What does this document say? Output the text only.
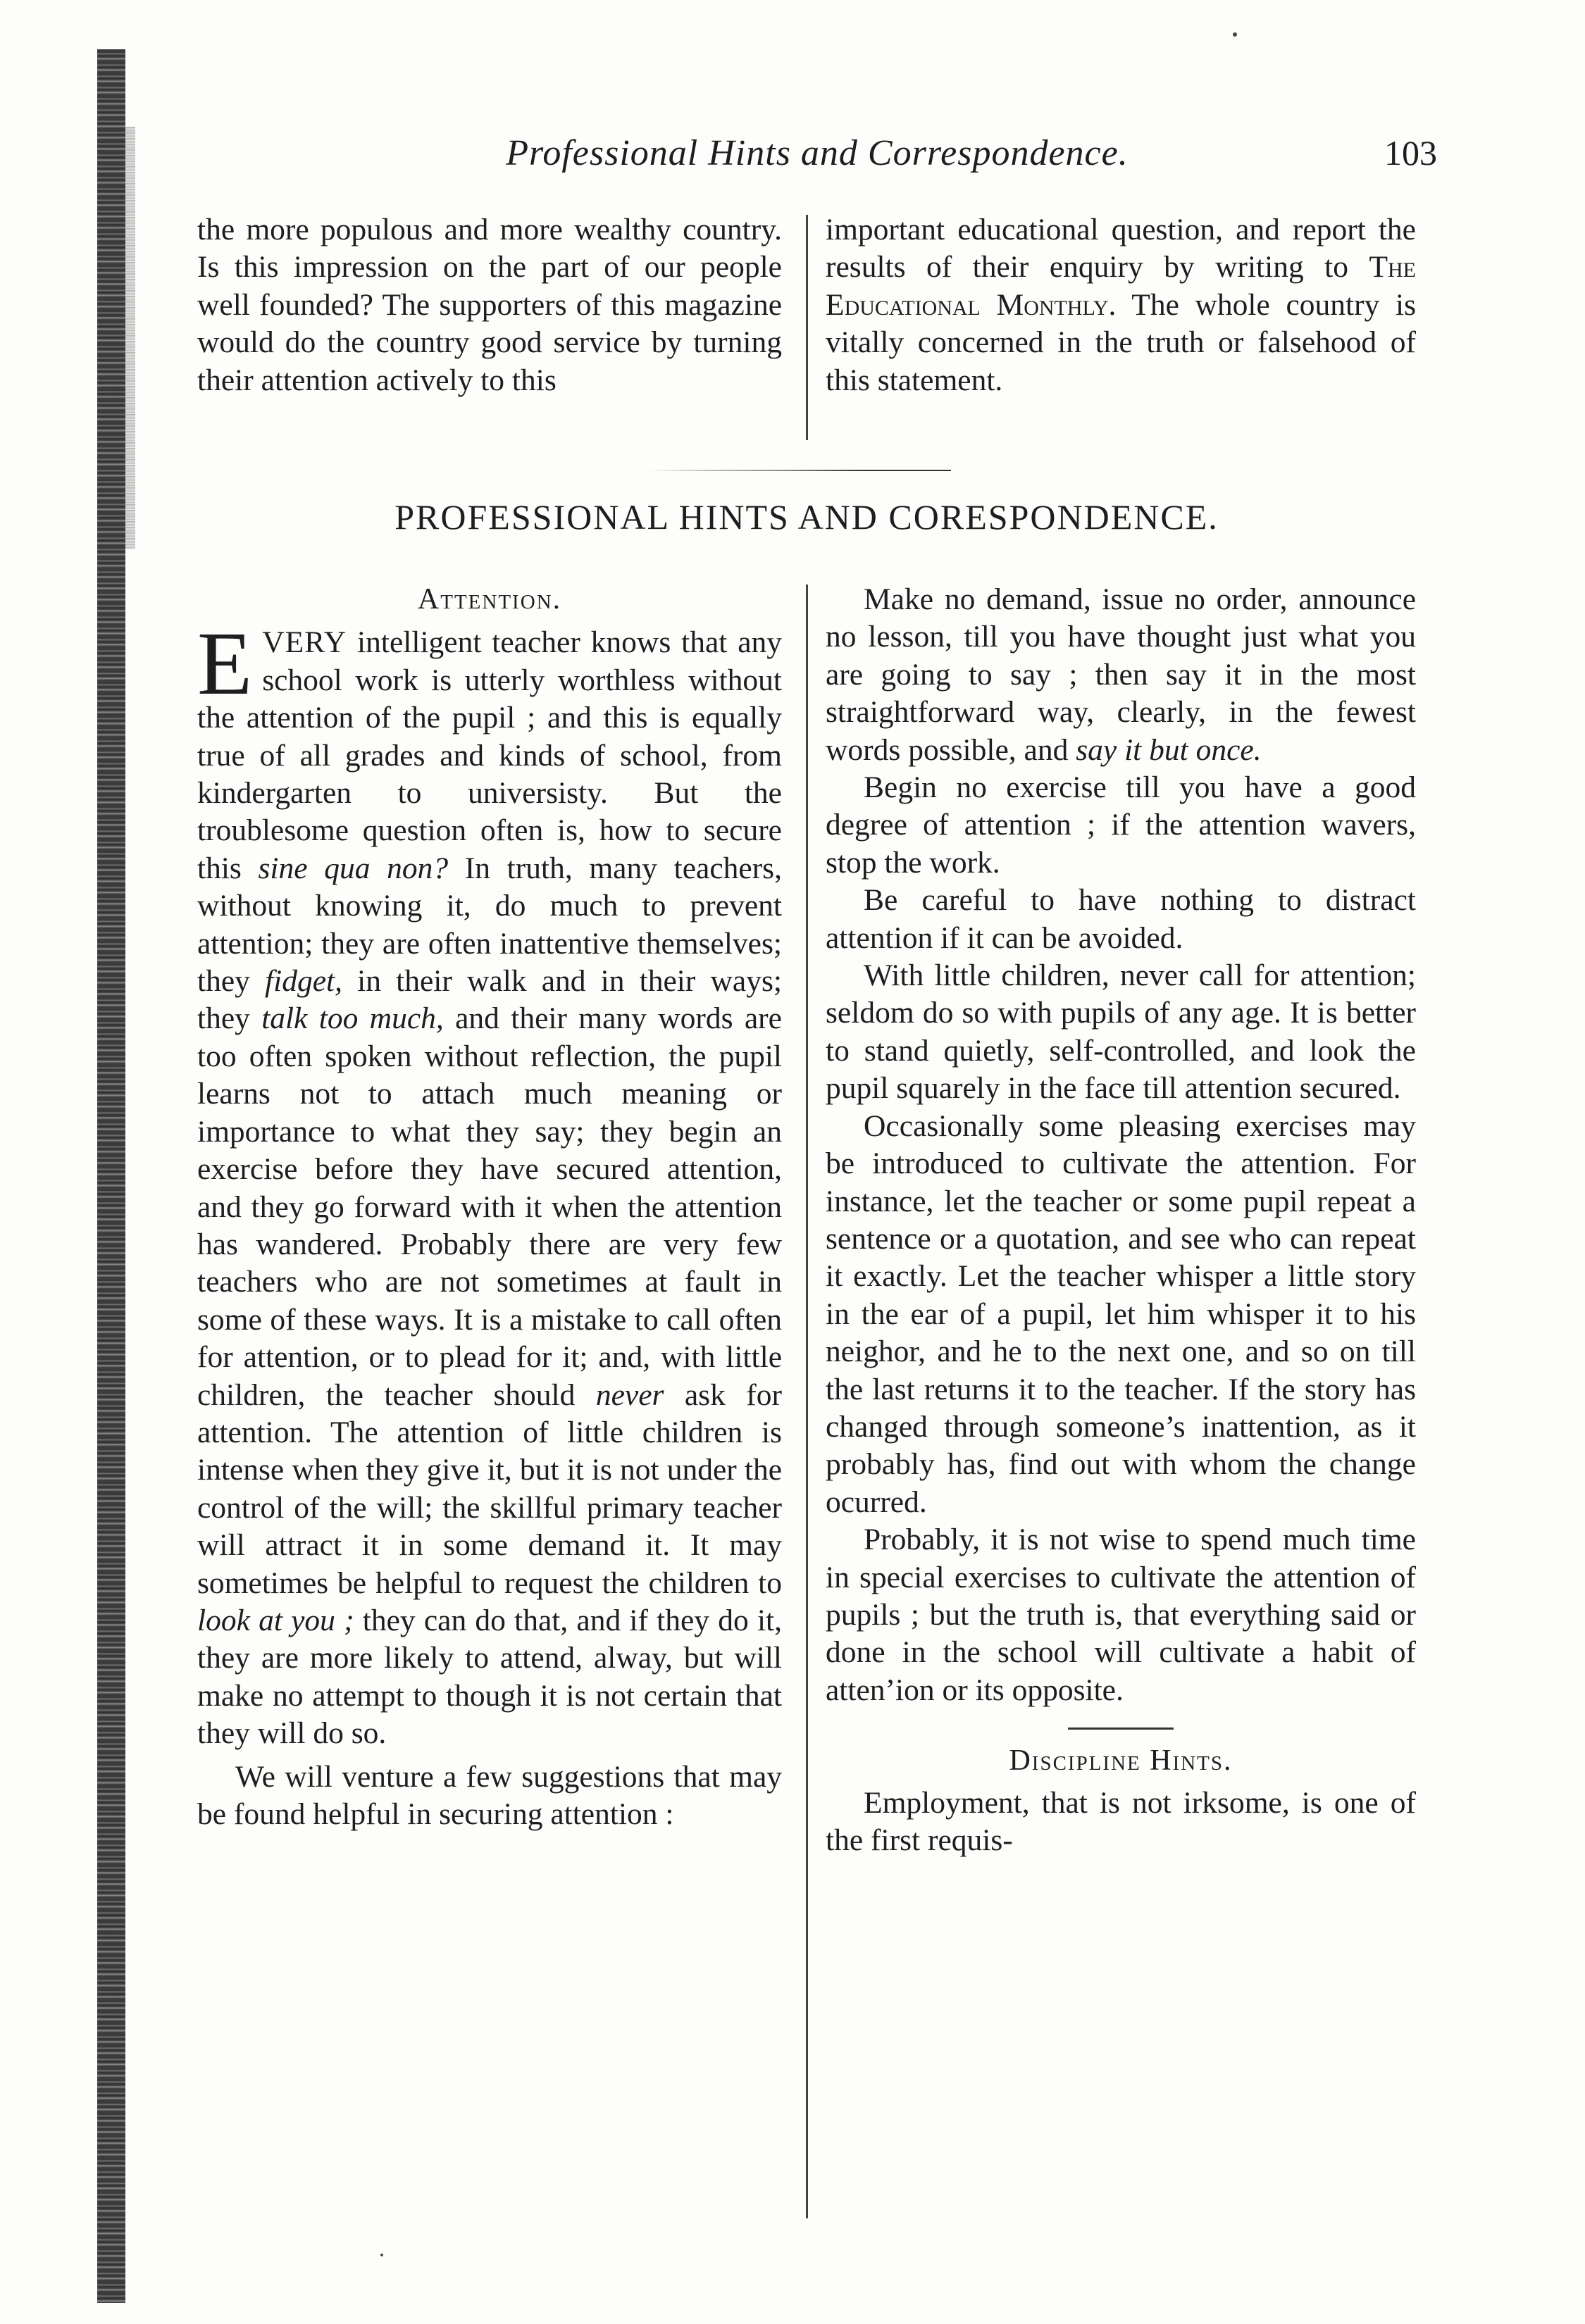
Professional Hints and Correspondence.	103

the more populous and more wealthy country. Is this impression on the part of our people well founded? The supporters of this magazine would do the country good service by turning their attention actively to this

important educational question, and report the results of their enquiry by writing to The Educational Monthly. The whole country is vitally concerned in the truth or falsehood of this statement.

PROFESSIONAL HINTS AND CORESPONDENCE.
Attention.

EVERY intelligent teacher knows that any school work is utterly worthless without the attention of the pupil ; and this is equally true of all grades and kinds of school, from kindergarten to universisty. But the troublesome question often is, how to secure this sine qua non? In truth, many teachers, without knowing it, do much to prevent attention; they are often inattentive themselves; they fidget, in their walk and in their ways; they talk too much, and their many words are too often spoken without reflection, the pupil learns not to attach much meaning or importance to what they say; they begin an exercise before they have secured attention, and they go forward with it when the attention has wandered. Probably there are very few teachers who are not sometimes at fault in some of these ways. It is a mistake to call often for attention, or to plead for it; and, with little children, the teacher should never ask for attention. The attention of little children is intense when they give it, but it is not under the control of the will; the skillful primary teacher will attract it in some demand it. It may sometimes be helpful to request the children to look at you ; they can do that, and if they do it, they are more likely to attend, alway, but will make no attempt to though it is not certain that they will do so.

We will venture a few suggestions that may be found helpful in securing attention :

Make no demand, issue no order, announce no lesson, till you have thought just what you are going to say ; then say it in the most straightforward way, clearly, in the fewest words possible, and say it but once.

Begin no exercise till you have a good degree of attention ; if the attention wavers, stop the work.

Be careful to have nothing to distract attention if it can be avoided.

With little children, never call for attention; seldom do so with pupils of any age. It is better to stand quietly, self-controlled, and look the pupil squarely in the face till attention secured.

Occasionally some pleasing exercises may be introduced to cultivate the attention. For instance, let the teacher or some pupil repeat a sentence or a quotation, and see who can repeat it exactly. Let the teacher whisper a little story in the ear of a pupil, let him whisper it to his neighor, and he to the next one, and so on till the last returns it to the teacher. If the story has changed through someone’s inattention, as it probably has, find out with whom the change ocurred.

Probably, it is not wise to spend much time in special exercises to cultivate the attention of pupils ; but the truth is, that everything said or done in the school will cultivate a habit of attenʼion or its opposite.

Discipline Hints.

Employment, that is not irksome, is one of the first requis-
